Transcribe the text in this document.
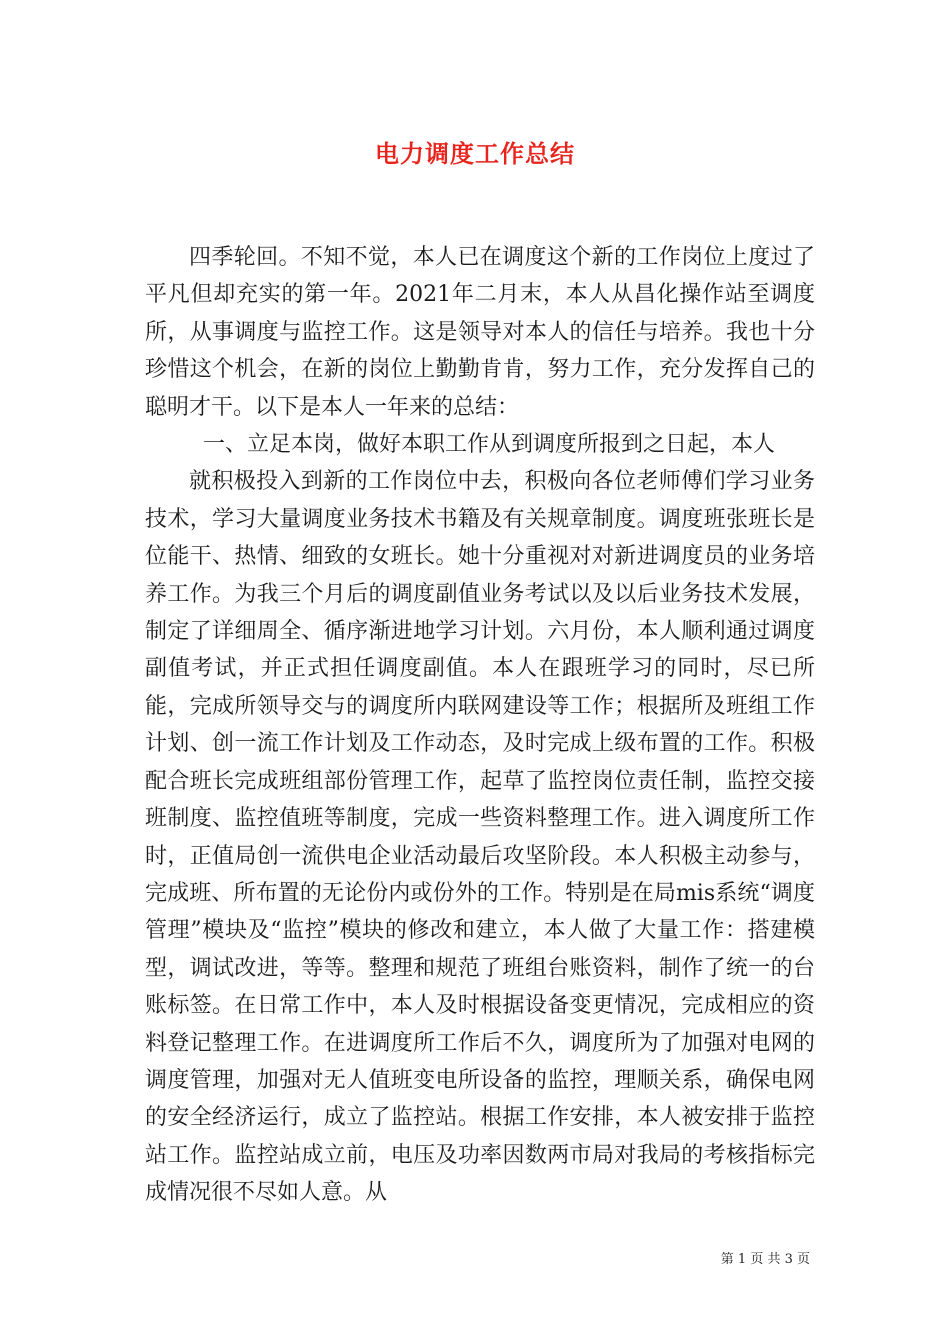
电力调度工作总结

四季轮回。不知不觉，本人已在调度这个新的工作岗位上度过了平凡但却充实的第一年。2021年二月末，本人从昌化操作站至调度所，从事调度与监控工作。这是领导对本人的信任与培养。我也十分珍惜这个机会，在新的岗位上勤勤肯肯，努力工作，充分发挥自己的聪明才干。以下是本人一年来的总结：

一、立足本岗，做好本职工作从到调度所报到之日起，本人

就积极投入到新的工作岗位中去，积极向各位老师傅们学习业务技术，学习大量调度业务技术书籍及有关规章制度。调度班张班长是位能干、热情、细致的女班长。她十分重视对对新进调度员的业务培养工作。为我三个月后的调度副值业务考试以及以后业务技术发展，制定了详细周全、循序渐进地学习计划。六月份，本人顺利通过调度副值考试，并正式担任调度副值。本人在跟班学习的同时，尽已所能，完成所领导交与的调度所内联网建设等工作；根据所及班组工作计划、创一流工作计划及工作动态，及时完成上级布置的工作。积极配合班长完成班组部份管理工作，起草了监控岗位责任制，监控交接班制度、监控值班等制度，完成一些资料整理工作。进入调度所工作时，正值局创一流供电企业活动最后攻坚阶段。本人积极主动参与，完成班、所布置的无论份内或份外的工作。特别是在局mis系统“调度管理”模块及“监控”模块的修改和建立，本人做了大量工作：搭建模型，调试改进，等等。整理和规范了班组台账资料，制作了统一的台账标签。在日常工作中，本人及时根据设备变更情况，完成相应的资料登记整理工作。在进调度所工作后不久，调度所为了加强对电网的调度管理，加强对无人值班变电所设备的监控，理顺关系，确保电网的安全经济运行，成立了监控站。根据工作安排，本人被安排于监控站工作。监控站成立前，电压及功率因数两市局对我局的考核指标完成情况很不尽如人意。从

第 1 页 共 3 页
